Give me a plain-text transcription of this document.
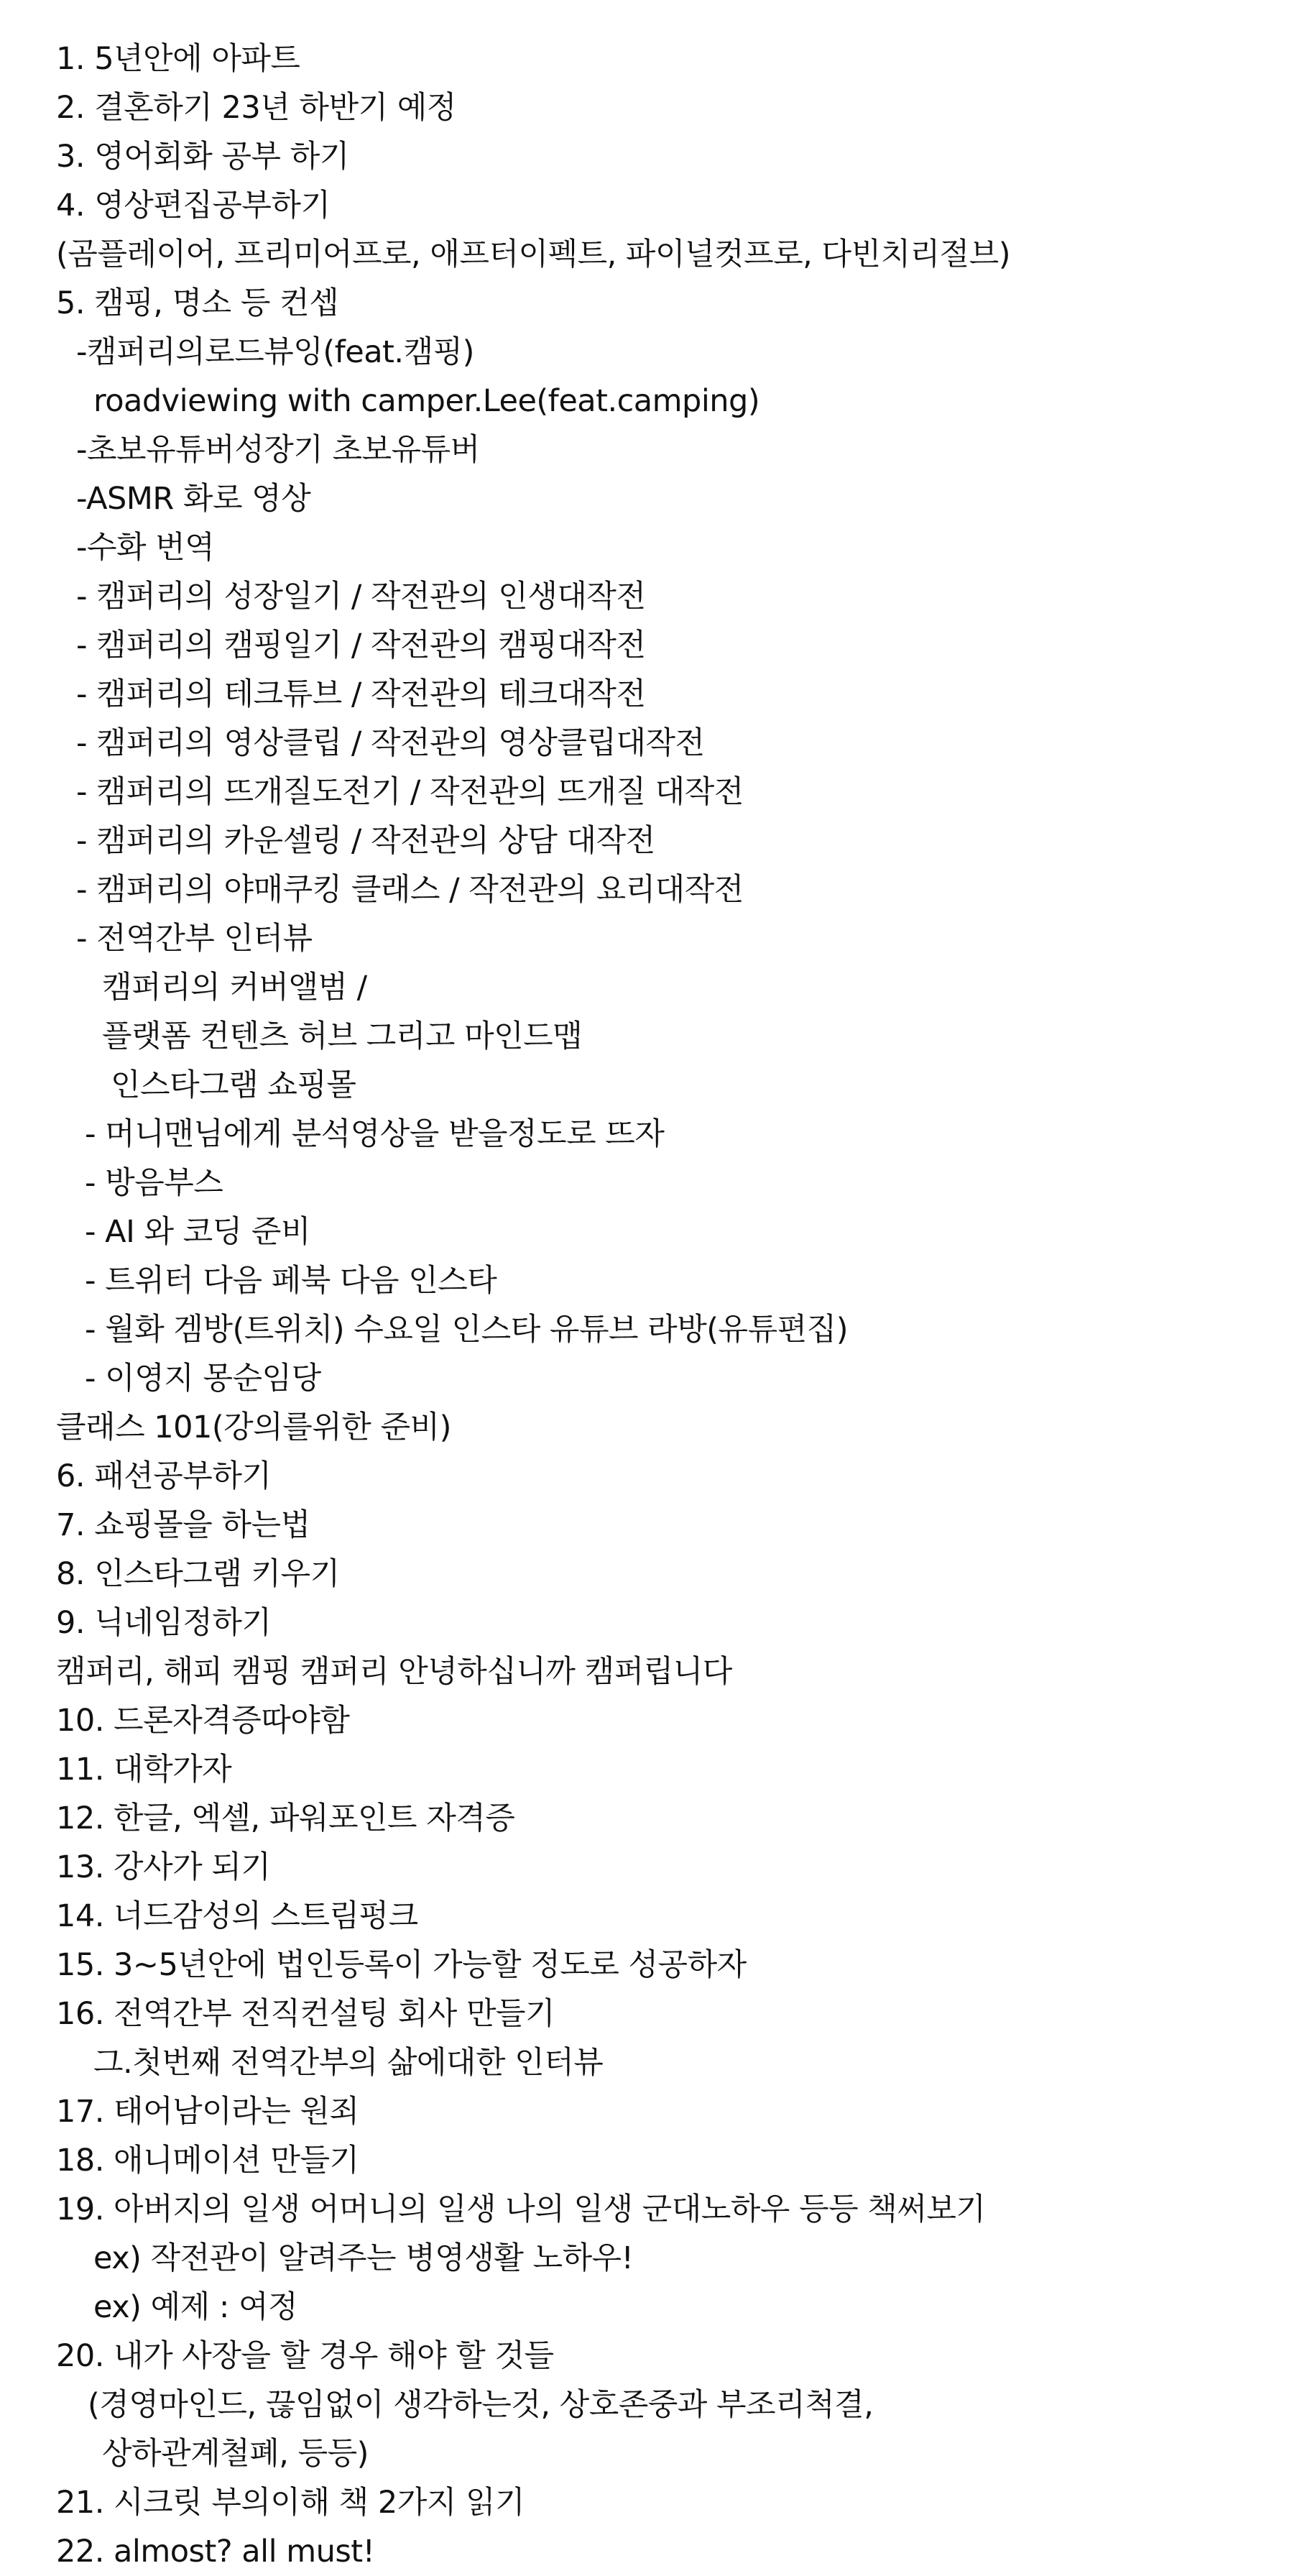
1. 5년안에 아파트
2. 결혼하기 23년 하반기 예정
3. 영어회화 공부 하기
4. 영상편집공부하기
(곰플레이어, 프리미어프로, 애프터이펙트, 파이널컷프로, 다빈치리절브)
5. 캠핑, 명소 등 컨셉
-캠퍼리의로드뷰잉(feat.캠핑)
roadviewing with camper.Lee(feat.camping)
-초보유튜버성장기 초보유튜버
-ASMR 화로 영상
-수화 번역
- 캠퍼리의 성장일기 / 작전관의 인생대작전
- 캠퍼리의 캠핑일기 / 작전관의 캠핑대작전
- 캠퍼리의 테크튜브 / 작전관의 테크대작전
- 캠퍼리의 영상클립 / 작전관의 영상클립대작전
- 캠퍼리의 뜨개질도전기 / 작전관의 뜨개질 대작전
- 캠퍼리의 카운셀링 / 작전관의 상담 대작전
- 캠퍼리의 야매쿠킹 클래스 / 작전관의 요리대작전
- 전역간부 인터뷰
캠퍼리의 커버앨범 /
플랫폼 컨텐츠 허브 그리고 마인드맵
인스타그램 쇼핑몰
- 머니맨님에게 분석영상을 받을정도로 뜨자
- 방음부스
- AI 와 코딩 준비
- 트위터 다음 페북 다음 인스타
- 월화 겜방(트위치) 수요일 인스타 유튜브 라방(유튜편집)
- 이영지 몽순임당
클래스 101(강의를위한 준비)
6. 패션공부하기
7. 쇼핑몰을 하는법
8. 인스타그램 키우기
9. 닉네임정하기
캠퍼리, 해피 캠핑 캠퍼리 안녕하십니까 캠퍼립니다
10. 드론자격증따야함
11. 대학가자
12. 한글, 엑셀, 파워포인트 자격증
13. 강사가 되기
14. 너드감성의 스트림펑크
15. 3~5년안에 법인등록이 가능할 정도로 성공하자
16. 전역간부 전직컨설팅 회사 만들기
그.첫번째 전역간부의 삶에대한 인터뷰
17. 태어남이라는 원죄
18. 애니메이션 만들기
19. 아버지의 일생 어머니의 일생 나의 일생 군대노하우 등등 책써보기
ex) 작전관이 알려주는 병영생활 노하우!
ex) 예제 : 여정
20. 내가 사장을 할 경우 해야 할 것들
(경영마인드, 끊임없이 생각하는것, 상호존중과 부조리척결,
상하관계철폐, 등등)
21. 시크릿 부의이해 책 2가지 읽기
22. almost? all must!
